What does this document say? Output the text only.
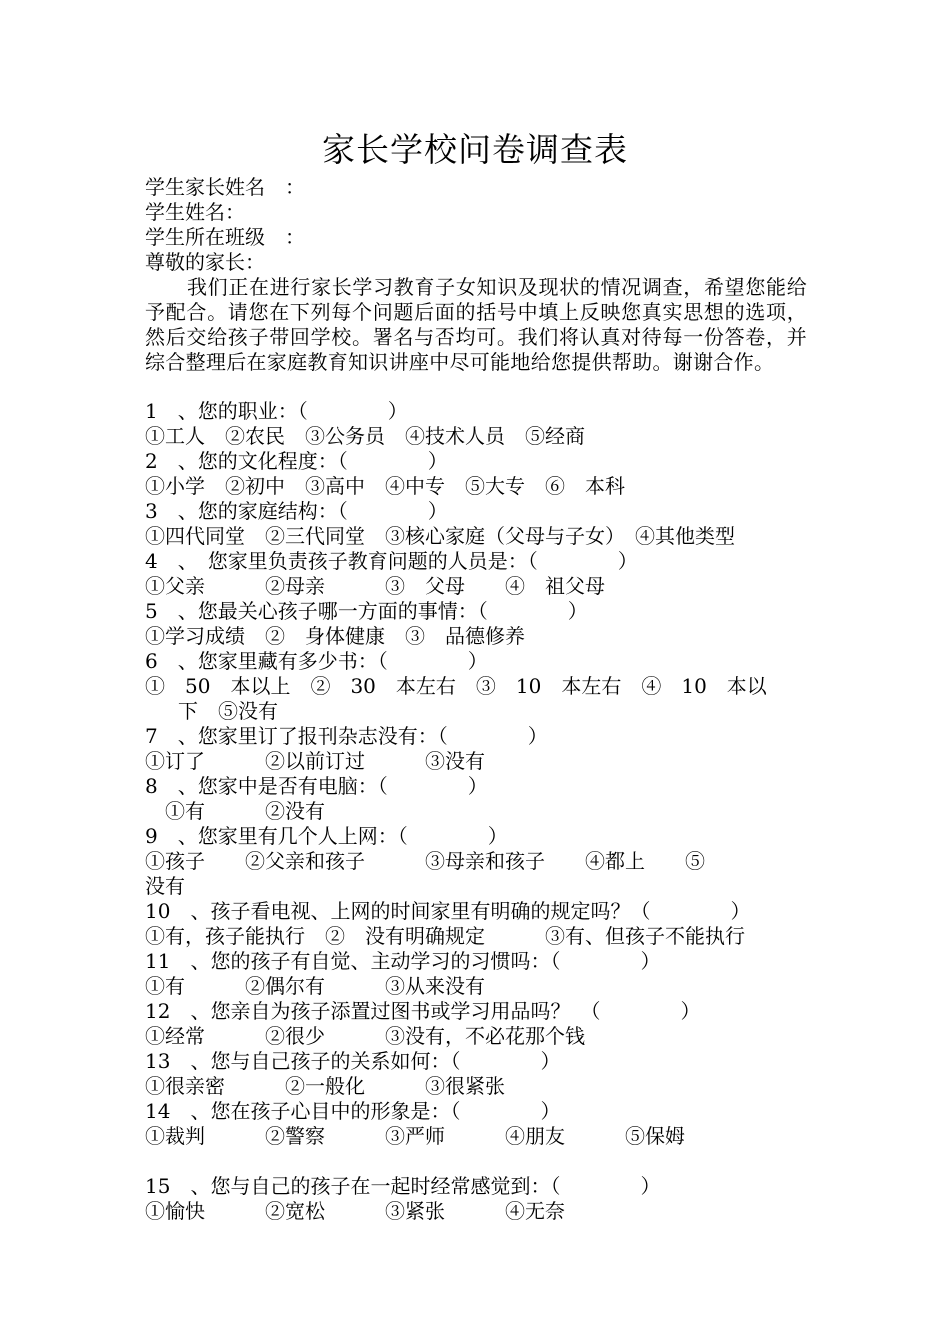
家长学校问卷调查表
学生家长姓名　：
学生姓名：
学生所在班级　：
尊敬的家长：
我们正在进行家长学习教育子女知识及现状的情况调查，希望您能给予配合。请您在下列每个问题后面的括号中填上反映您真实思想的选项，然后交给孩子带回学校。署名与否均可。我们将认真对待每一份答卷，并综合整理后在家庭教育知识讲座中尽可能地给您提供帮助。谢谢合作。
1　、您的职业：（　　　　）
①工人　②农民　③公务员　④技术人员　⑤经商
2　、您的文化程度：（　　　　）
①小学　②初中　③高中　④中专　⑤大专　⑥　本科
3　、您的家庭结构：（　　　　）
①四代同堂　②三代同堂　③核心家庭（父母与子女）　④其他类型
4　、　您家里负责孩子教育问题的人员是：（　　　　）
①父亲　　　②母亲　　　③　父母　　④　祖父母
5　、您最关心孩子哪一方面的事情：（　　　　）
①学习成绩　②　身体健康　③　品德修养
6　、您家里藏有多少书：（　　　　）
①　50　本以上　②　30　本左右　③　10　本左右　④　10　本以
下　⑤没有
7　、您家里订了报刊杂志没有：（　　　　）
①订了　　　②以前订过　　　③没有
8　、您家中是否有电脑：（　　　　）
①有　　　②没有
9　、您家里有几个人上网：（　　　　）
①孩子　　②父亲和孩子　　　③母亲和孩子　　④都上　　⑤
没有
10　、孩子看电视、上网的时间家里有明确的规定吗？（　　　　）
①有，孩子能执行　②　没有明确规定　　　③有、但孩子不能执行
11　、您的孩子有自觉、主动学习的习惯吗：（　　　　）
①有　　　②偶尔有　　　③从来没有
12　、您亲自为孩子添置过图书或学习用品吗？　（　　　　）
①经常　　　②很少　　　③没有，不必花那个钱
13　、您与自己孩子的关系如何：（　　　　）
①很亲密　　　②一般化　　　③很紧张
14　、您在孩子心目中的形象是：（　　　　）
①裁判　　　②警察　　　③严师　　　④朋友　　　⑤保姆
15　、您与自己的孩子在一起时经常感觉到：（　　　　）
①愉快　　　②宽松　　　③紧张　　　④无奈
